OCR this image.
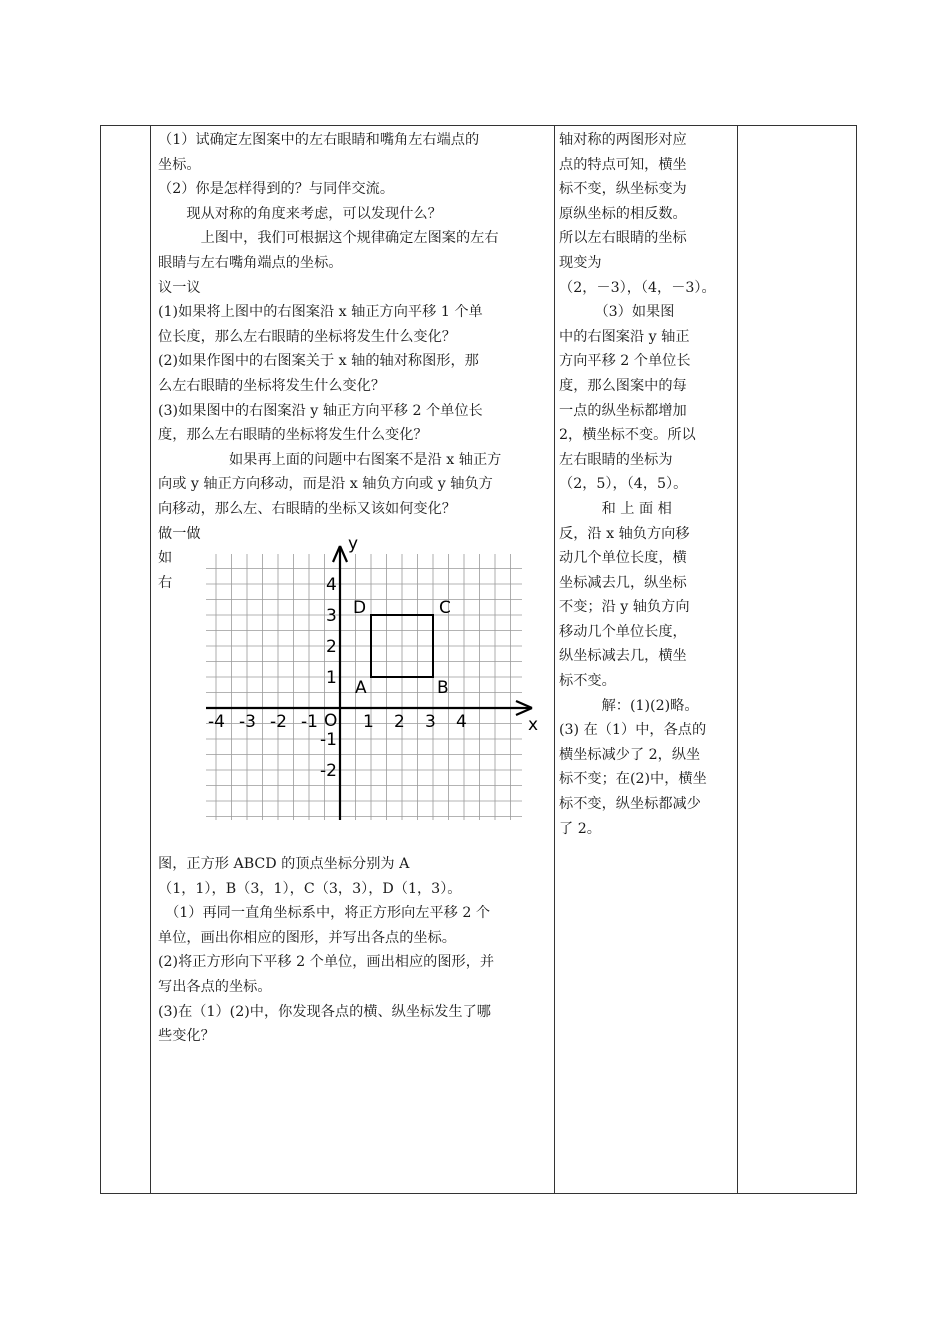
（1）试确定左图案中的左右眼睛和嘴角左右端点的

坐标。

（2）你是怎样得到的？与同伴交流。

　　现从对称的角度来考虑，可以发现什么？

　　　上图中，我们可根据这个规律确定左图案的左右

眼睛与左右嘴角端点的坐标。

议一议

(1)如果将上图中的右图案沿 x 轴正方向平移 1 个单

位长度，那么左右眼睛的坐标将发生什么变化？

(2)如果作图中的右图案关于 x 轴的轴对称图形，那

么左右眼睛的坐标将发生什么变化？

(3)如果图中的右图案沿 y 轴正方向平移 2 个单位长

度，那么左右眼睛的坐标将发生什么变化？

　　　　　如果再上面的问题中右图案不是沿 x 轴正方

向或 y 轴正方向移动，而是沿 x 轴负方向或 y 轴负方

向移动，那么左、右眼睛的坐标又该如何变化？

做一做

如

右

x
y
O
-4 -3 -2 -1	1 2 3 4
4
3
2
1
-1
-2
A	B
C
D

图，正方形 ABCD 的顶点坐标分别为 A

（1，1），B（3，1），C（3，3），D（1，3）。

　（1）再同一直角坐标系中，将正方形向左平移 2 个

单位，画出你相应的图形，并写出各点的坐标。

(2)将正方形向下平移 2 个单位，画出相应的图形，并

写出各点的坐标。

(3)在（1）(2)中，你发现各点的横、纵坐标发生了哪

些变化？

轴对称的两图形对应

点的特点可知，横坐

标不变，纵坐标变为

原纵坐标的相反数。

所以左右眼睛的坐标

现变为

（2，－3），（4，－3）。

　　　（3）如果图

中的右图案沿 y 轴正

方向平移 2 个单位长

度，那么图案中的每

一点的纵坐标都增加

2，横坐标不变。所以

左右眼睛的坐标为

（2，5），（4，5）。

　　　和 上 面 相

反，沿 x 轴负方向移

动几个单位长度，横

坐标减去几，纵坐标

不变；沿 y 轴负方向

移动几个单位长度，

纵坐标减去几，横坐

标不变。

　　　解：(1)(2)略。

(3) 在（1）中，各点的

横坐标减少了 2，纵坐

标不变；在(2)中，横坐

标不变，纵坐标都减少

了 2。
